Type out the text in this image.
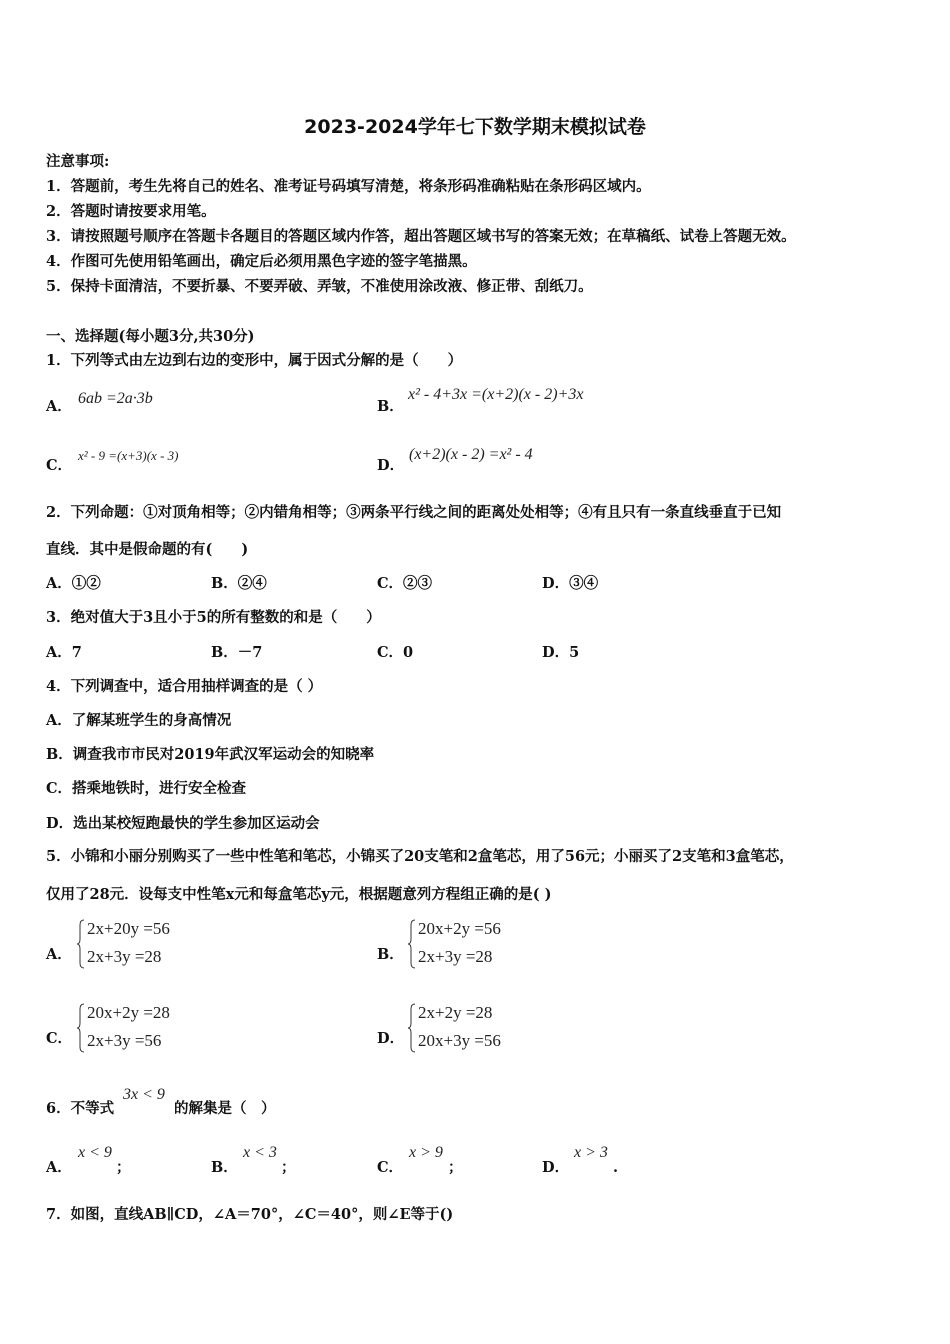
2023-2024学年七下数学期末模拟试卷
注意事项:
1．答题前，考生先将自己的姓名、准考证号码填写清楚，将条形码准确粘贴在条形码区域内。
2．答题时请按要求用笔。
3．请按照题号顺序在答题卡各题目的答题区域内作答，超出答题区域书写的答案无效；在草稿纸、试卷上答题无效。
4．作图可先使用铅笔画出，确定后必须用黑色字迹的签字笔描黑。
5．保持卡面清洁，不要折暴、不要弄破、弄皱，不准使用涂改液、修正带、刮纸刀。
一、选择题(每小题3分,共30分)
1．下列等式由左边到右边的变形中，属于因式分解的是（　　）
A． 6ab =2a·3b	B．
x² - 4+3x =(x+2)(x - 2)+3x
C．
x² - 9 =(x+3)(x - 3)
D．
(x+2)(x - 2) =x² - 4
2．下列命题：①对顶角相等；②内错角相等；③两条平行线之间的距离处处相等；④有且只有一条直线垂直于已知
直线．其中是假命题的有(　　)
A．①②	B．②④	C．②③	D．③④
3．绝对值大于3且小于5的所有整数的和是（　　）
A．7	B．－7	C．0	D．5
4．下列调查中，适合用抽样调查的是（ ）
A．了解某班学生的身高情况
B．调查我市市民对2019年武汉军运动会的知晓率
C．搭乘地铁时，进行安全检查
D．选出某校短跑最快的学生参加区运动会
5．小锦和小丽分别购买了一些中性笔和笔芯，小锦买了20支笔和2盒笔芯，用了56元；小丽买了2支笔和3盒笔芯，
仅用了28元．设每支中性笔x元和每盒笔芯y元，根据题意列方程组正确的是( )
A．
2x+20y =56
2x+3y =28	B．
20x+2y =56
2x+3y =28
C．
20x+2y =28
2x+3y =56	D．
2x+2y =28
20x+3y =56
6．不等式
3x < 9
的解集是（　）
A．
x < 9
；	B．
x < 3
；	C．
x > 9
；	D．
x > 3
.
7．如图，直线AB∥CD，∠A＝70°，∠C＝40°，则∠E等于()
